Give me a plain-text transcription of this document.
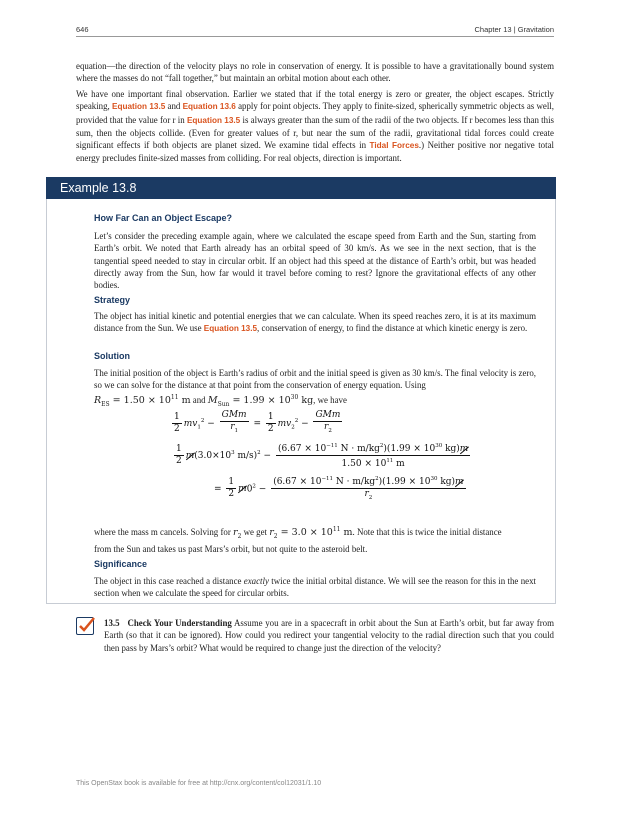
646	Chapter 13 | Gravitation
equation—the direction of the velocity plays no role in conservation of energy. It is possible to have a gravitationally bound system where the masses do not “fall together,” but maintain an orbital motion about each other.
We have one important final observation. Earlier we stated that if the total energy is zero or greater, the object escapes. Strictly speaking, Equation 13.5 and Equation 13.6 apply for point objects. They apply to finite-sized, spherically symmetric objects as well, provided that the value for r in Equation 13.5 is always greater than the sum of the radii of the two objects. If r becomes less than this sum, then the objects collide. (Even for greater values of r, but near the sum of the radii, gravitational tidal forces could create significant effects if both objects are planet sized. We examine tidal effects in Tidal Forces.) Neither positive nor negative total energy precludes finite-sized masses from colliding. For real objects, direction is important.
Example 13.8
How Far Can an Object Escape?
Let’s consider the preceding example again, where we calculated the escape speed from Earth and the Sun, starting from Earth’s orbit. We noted that Earth already has an orbital speed of 30 km/s. As we see in the next section, that is the tangential speed needed to stay in circular orbit. If an object had this speed at the distance of Earth’s orbit, but was headed directly away from the Sun, how far would it travel before coming to rest? Ignore the gravitational effects of any other bodies.
Strategy
The object has initial kinetic and potential energies that we can calculate. When its speed reaches zero, it is at its maximum distance from the Sun. We use Equation 13.5, conservation of energy, to find the distance at which kinetic energy is zero.
Solution
The initial position of the object is Earth’s radius of orbit and the initial speed is given as 30 km/s. The final velocity is zero, so we can solve for the distance at that point from the conservation of energy equation. Using
$R_{ES} = 1.50 \times 10^{11}$ m and $M_{Sun} = 1.99 \times 10^{30}$ kg, we have
$\frac{1}{2} mv_1^2 - \frac{\text{GMm}}{r_1} = \frac{1}{2} mv_2^2 - \frac{\text{GMm}}{r_2}$
$\frac{1}{2} m(3.0\times 10^3$ $m/s)^2 - \frac{(6.67 \times 10^{-11} N \cdot m/kg^2)(1.99 \times 10^{30} kg)m}{1.50 \times 10^{11} m}$
= $\frac{1}{2} m0^2 - \frac{(6.67 \times 10^{-11} N \cdot m/kg^2)(1.99 \times 10^{30} kg)m}{r_2}$
where the mass m cancels. Solving for $r_2$ we get $r_2 = 3.0 \times 10^{11}$ m. Note that this is twice the initial distance
from the Sun and takes us past Mars’s orbit, but not quite to the asteroid belt.
Significance
The object in this case reached a distance exactly twice the initial orbital distance. We will see the reason for this in the next section when we calculate the speed for circular orbits.
13.5 Check Your Understanding Assume you are in a spacecraft in orbit about the Sun at Earth’s orbit, but far away from Earth (so that it can be ignored). How could you redirect your tangential velocity to the radial direction such that you could then pass by Mars’s orbit? What would be required to change just the direction of the velocity?
This OpenStax book is available for free at http://cnx.org/content/col12031/1.10
